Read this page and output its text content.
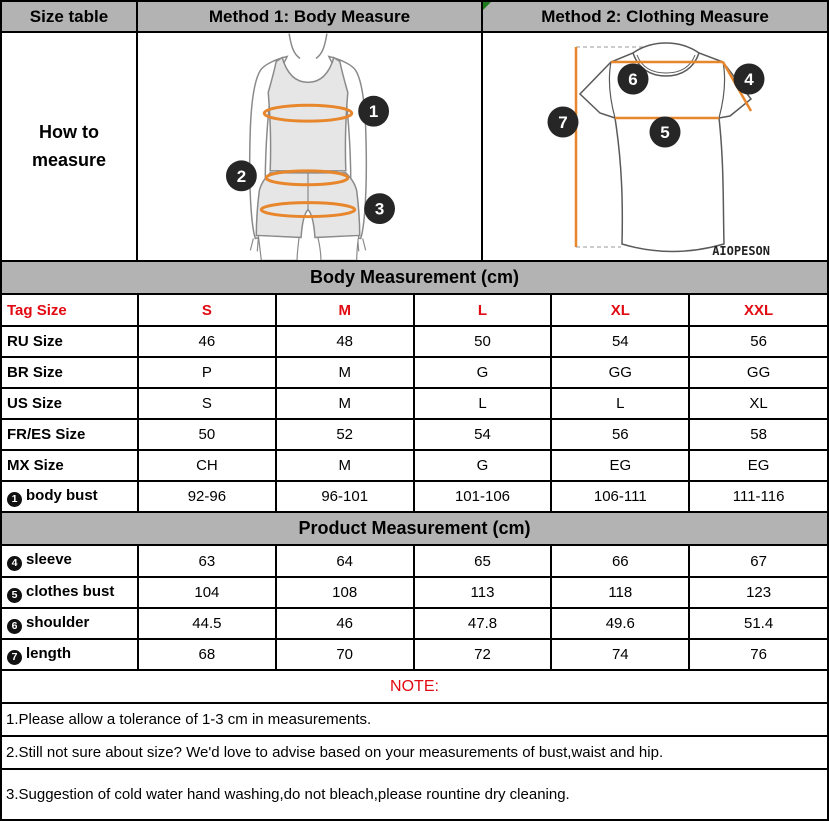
Size table	Method 1: Body Measure	Method 2: Clothing Measure
How to measure
1
2
3
6	4
7
5
AIOPESON
Body Measurement (cm)
Tag Size	S	M	L	XL	XXL
RU Size	46	48	50	54	56
BR Size	P	M	G	GG	GG
US Size	S	M	L	L	XL
FR/ES Size	50	52	54	56	58
MX Size	CH	M	G	EG	EG
1 body bust	92-96	96-101	101-106	106-111	111-116
Product Measurement (cm)
4 sleeve	63	64	65	66	67
5 clothes bust	104	108	113	118	123
6 shoulder	44.5	46	47.8	49.6	51.4
7 length	68	70	72	74	76
NOTE:
1.Please allow a tolerance of 1-3 cm in measurements.
2.Still not sure about size? We'd love to advise based on your measurements of bust,waist and hip.
3.Suggestion of cold water hand washing,do not bleach,please rountine dry cleaning.
